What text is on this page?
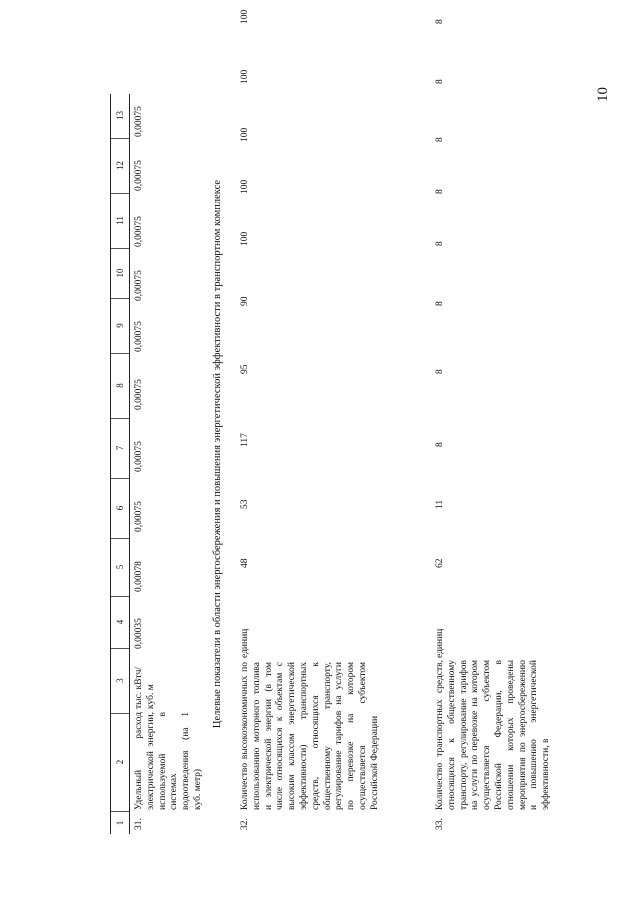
10
1
2
3
4
5
6
7
8
9
10
11
12
13
31.
Удельный расход электрической энергии, используемой в системах водоотведения (на 1 куб. метр)
тыс. кВтч/ куб. м
0,00035
0,00078
0,00075
0,00075
0,00075
0,00075
0,00075
0,00075
0,00075
0,00075
Целевые показатели в области энергосбережения и повышения энергетической эффективности в транспортном комплексе
32.
Количество высокоэкономичных по использованию моторного топлива и электрической энергии (в том числе относящихся к объектам с высоким классом энергетической эффективности) транспортных средств, относящихся к общественному транспорту, регулирование тарифов на услуги по перевозке на котором осуществляется субъектом Российской Федерации
единиц
48
53
117
95
90
100
100
100
100
100
33.
Количество транспортных средств, относящихся к общественному транспорту, регулирование тарифов на услуги по перевозке на котором осуществляется субъектом Российской Федерации, в отношении которых проведены мероприятия по энергосбережению и повышению энергетической эффективности, в
единиц
62
11
8
8
8
8
8
8
8
8
